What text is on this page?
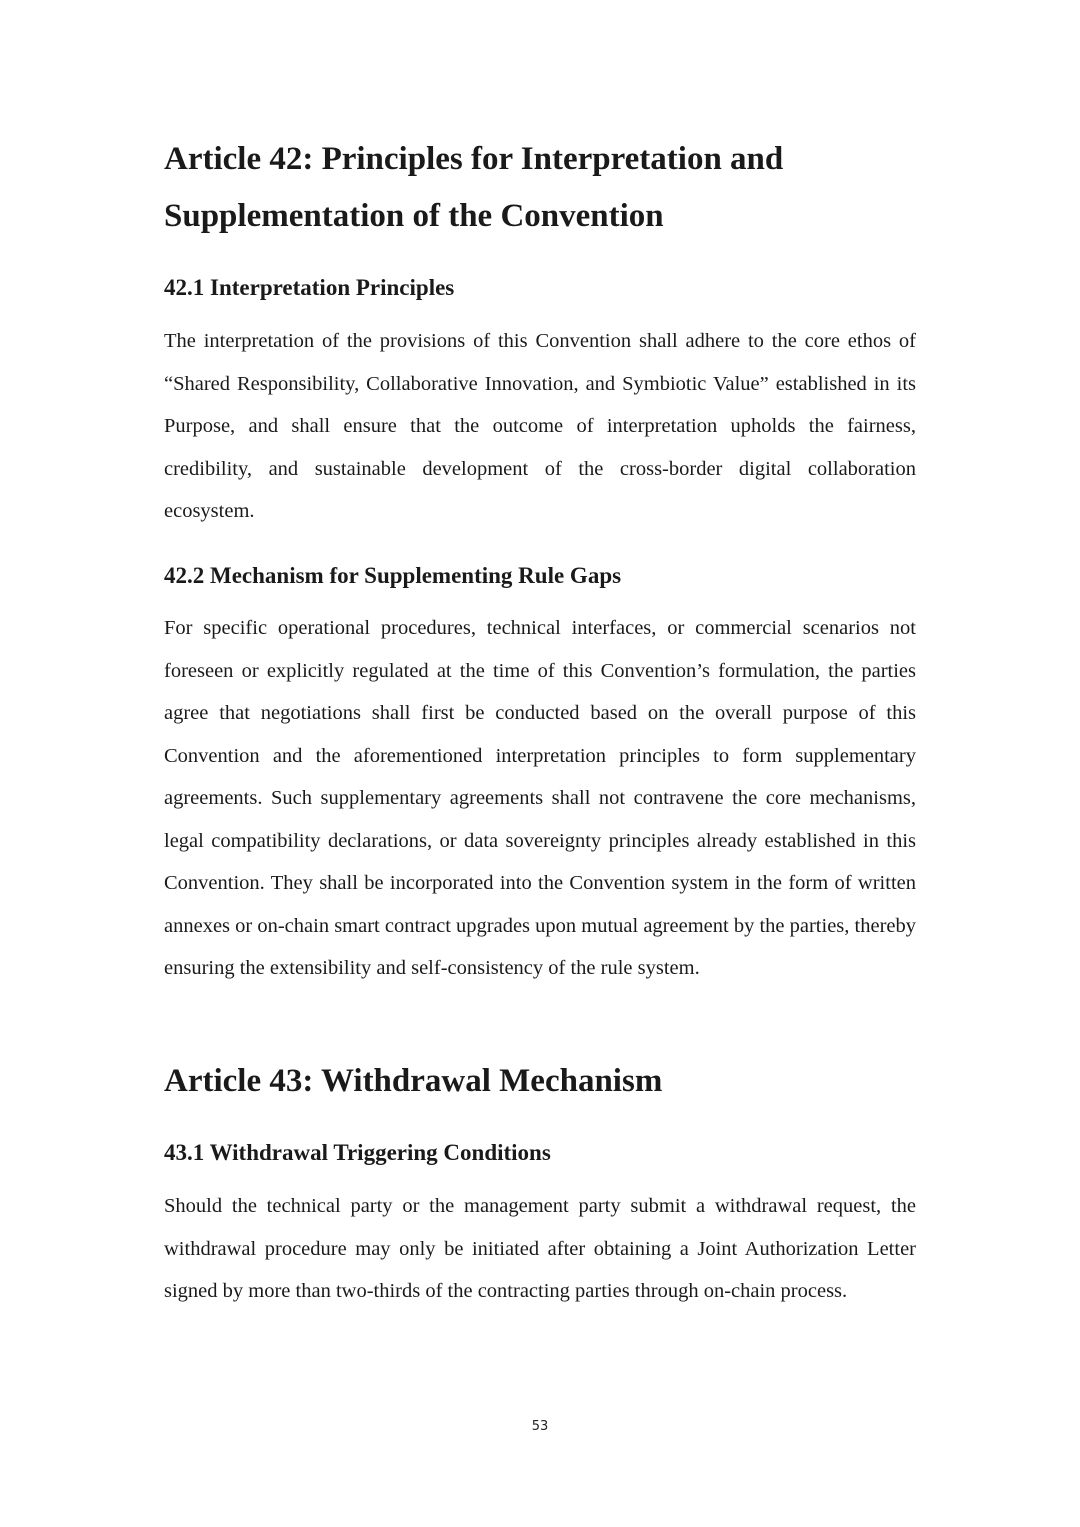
Article 42: Principles for Interpretation and Supplementation of the Convention
42.1 Interpretation Principles

The interpretation of the provisions of this Convention shall adhere to the core ethos of “Shared Responsibility, Collaborative Innovation, and Symbiotic Value” established in its Purpose, and shall ensure that the outcome of interpretation upholds the fairness, credibility, and sustainable development of the cross-border digital collaboration ecosystem.

42.2 Mechanism for Supplementing Rule Gaps

For specific operational procedures, technical interfaces, or commercial scenarios not foreseen or explicitly regulated at the time of this Convention’s formulation, the parties agree that negotiations shall first be conducted based on the overall purpose of this Convention and the aforementioned interpretation principles to form supplementary agreements. Such supplementary agreements shall not contravene the core mechanisms, legal compatibility declarations, or data sovereignty principles already established in this Convention. They shall be incorporated into the Convention system in the form of written annexes or on-chain smart contract upgrades upon mutual agreement by the parties, thereby ensuring the extensibility and self-consistency of the rule system.

Article 43: Withdrawal Mechanism
43.1 Withdrawal Triggering Conditions

Should the technical party or the management party submit a withdrawal request, the withdrawal procedure may only be initiated after obtaining a Joint Authorization Letter signed by more than two-thirds of the contracting parties through on-chain process.

53
